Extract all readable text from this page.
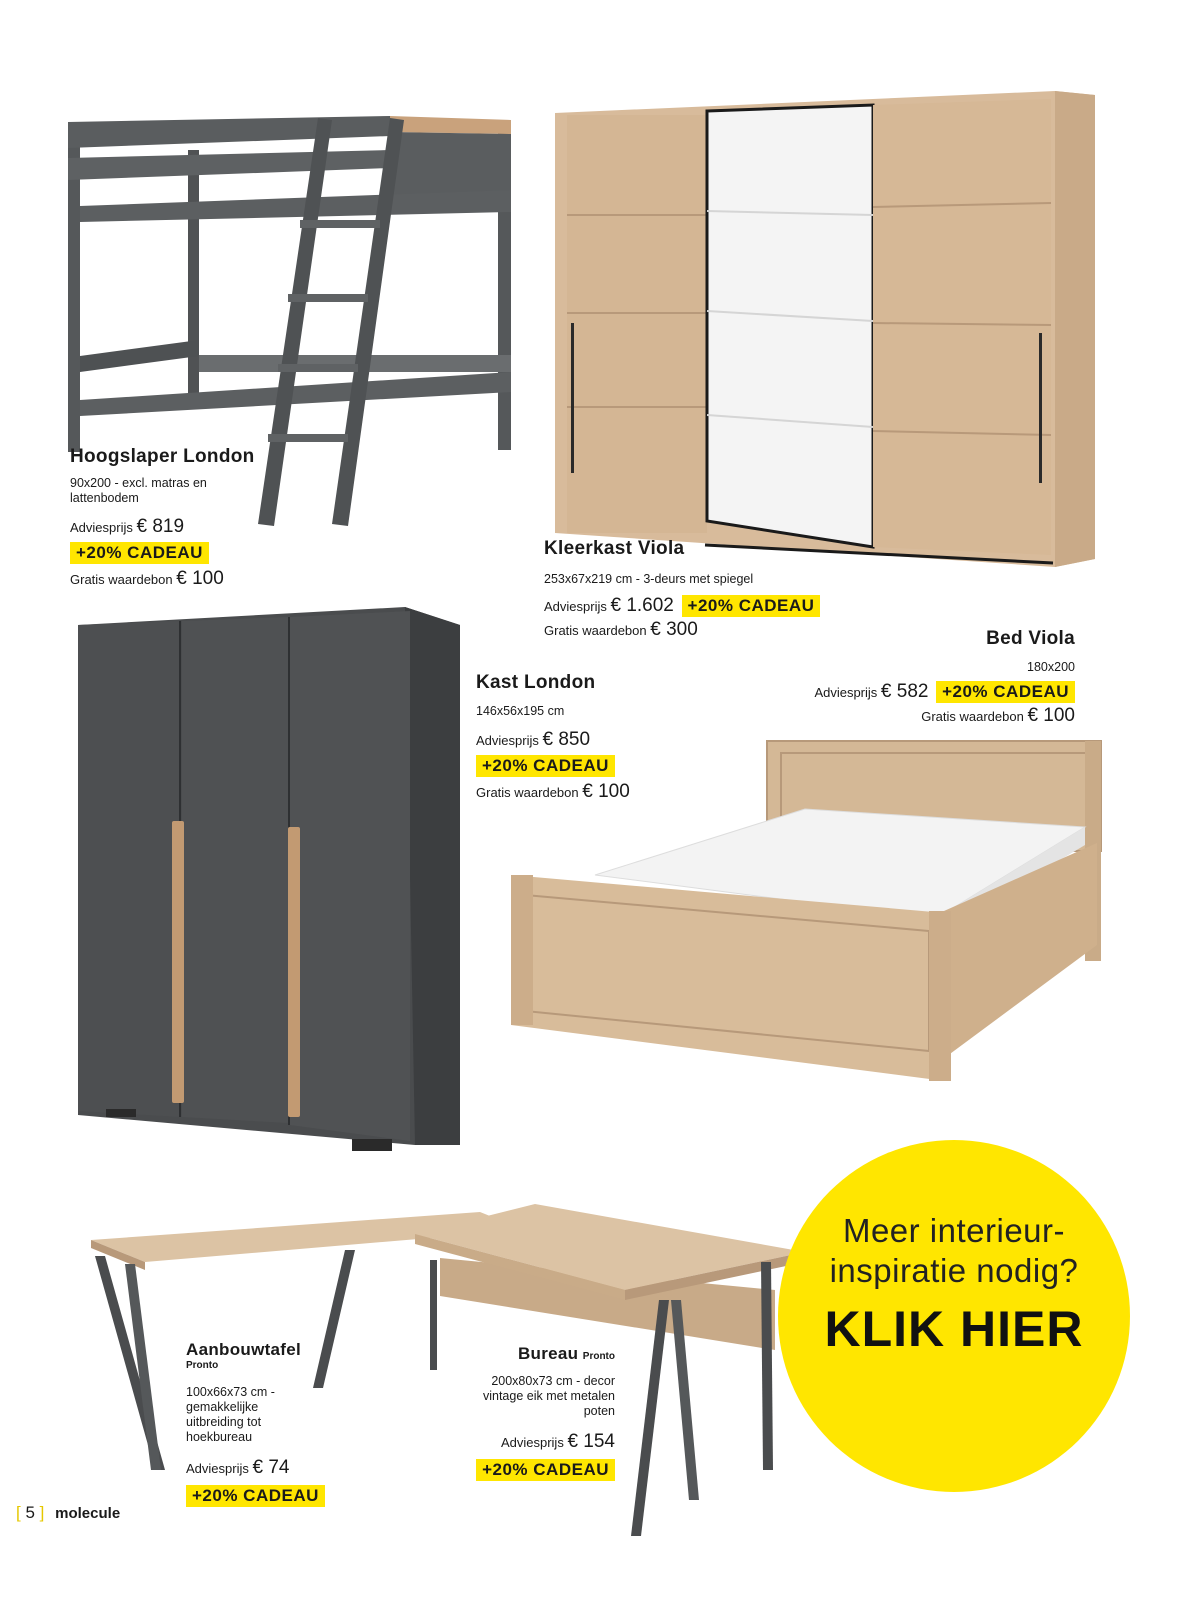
Hoogslaper London
90x200 - excl. matras en lattenbodem
Adviesprijs € 819
+20% CADEAU
Gratis waardebon € 100
Kleerkast Viola
253x67x219 cm - 3-deurs met spiegel
Adviesprijs € 1.602 +20% CADEAU
Gratis waardebon € 300	Bed Viola
180x200
Adviesprijs € 582 +20% CADEAU
Gratis waardebon € 100
Kast London
146x56x195 cm
Adviesprijs € 850
+20% CADEAU
Gratis waardebon € 100
Aanbouwtafel
Pronto
100x66x73 cm - gemakkelijke uitbreiding tot hoekbureau
Adviesprijs € 74
+20% CADEAU
Bureau Pronto
200x80x73 cm - decor vintage eik met metalen poten
Adviesprijs € 154
+20% CADEAU
Meer interieur-
inspiratie nodig?
KLIK HIER
[ 5 ] molecule
